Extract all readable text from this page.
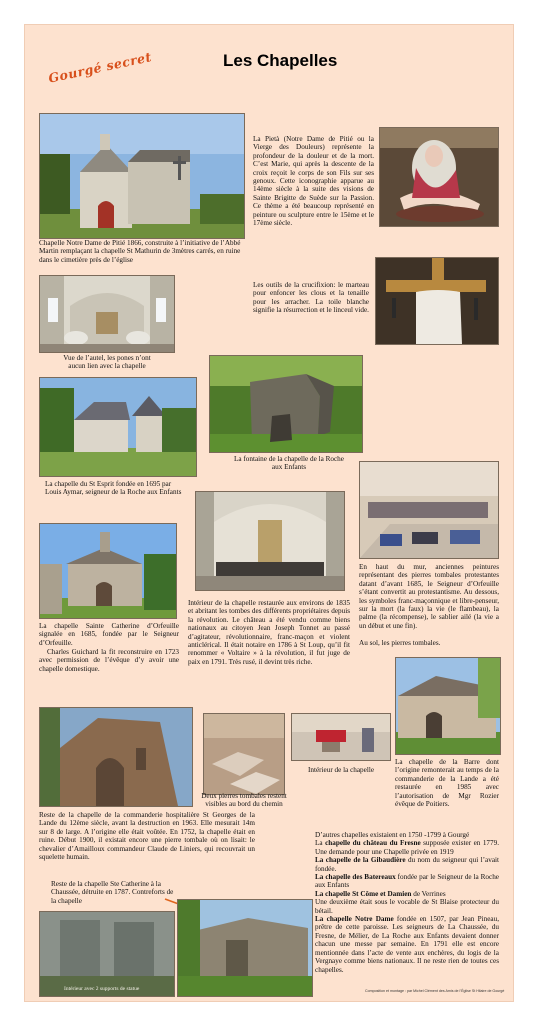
Gourgé secret	Les Chapelles
Chapelle Notre Dame de Pitié 1866, construite à l’initiative de l’Abbé Martin remplaçant la chapelle St Mathurin de 3mètres carrés, en ruine dans le cimetière près de l’église
La Pietà (Notre Dame de Pitié ou la Vierge des Douleurs) représente la profondeur de la douleur et de la mort. C’est Marie, qui après la descente de la croix reçoit le corps de son Fils sur ses genoux. Cette iconographie apparue au 14ème siècle à la suite des visions de Sainte Brigitte de Suède sur la Passion. Ce thème a été beaucoup représenté en peinture ou sculpture entre le 15ème et le 17ème siècle.
Vue de l’autel, les pones n’ont aucun lien avec la chapelle
Les outils de la crucifixion: le marteau pour enfoncer les clous et la tenaille pour les arracher. La toile blanche signifie la résurrection et le linceul vide.
La chapelle du St Esprit fondée en 1695 par Louis Aymar, seigneur de la Roche aux Enfants
La fontaine de la chapelle de la Roche aux Enfants
En haut du mur, anciennes peintures représentant des pierres tombales protestantes datant d’avant 1685, le Seigneur d’Orfeuille s’étant convertit au protestantisme. Au dessous, les symboles franc-maçonnique et libre-penseur, sur la mort (la faux) la vie (le flambeau), la palme (la récompense), le sablier ailé (la vie a un début et une fin).
Au sol, les pierres tombales.
Intérieur de la chapelle restaurée aux environs de 1835 et abritant les tombes des différents propriétaires depuis la révolution. Le château a été vendu comme biens nationaux au citoyen Jean Joseph Tonnet au passé d’agitateur, révolutionnaire, franc-maçon et violent anticlérical. Il était notaire en 1786 à St Loup, qu’il fit renommer « Voltaire » à la révolution, il fut juge de paix en 1791. Très rusé, il devint très riche.
La chapelle Sainte Catherine d’Orfeuille signalée en 1685, fondée par le Seigneur d’Orfeuille.
Charles Guichard la fit reconstruire en 1723 avec permission de l’évêque d’y avoir une chapelle domestique.
La chapelle de la Barre dont l’origine remonterait au temps de la commanderie de la Lande a été restaurée en 1985 avec l’autorisation de Mgr Rozier évêque de Poitiers.
Deux pierres tombales restent visibles au bord du chemin
Intérieur de la chapelle
Reste de la chapelle de la commanderie hospitalière St Georges de la Lande du 12ème siècle, avant la destruction en 1963. Elle mesurait 14m sur 8 de large. A l’origine elle était voûtée. En 1752, la chapelle était en ruine. Début 1900, il existait encore une pierre tombale où on lisait: le chevalier d’Amailloux commandeur Claude de Liniers, qui recouvrait un squelette humain.
D’autres chapelles existaient en 1750 -1799 à Gourgé
La chapelle du château du Fresne supposée exister en 1779. Une demande pour une Chapelle privée en 1919
La chapelle de la Gibaudière du nom du seigneur qui l’avait fondée.
La chapelle des Batereaux fondée par le Seigneur de la Roche aux Enfants
La chapelle St Côme et Damien de Verrines
Une deuxième était sous le vocable de St Blaise protecteur du bétail.
La chapelle Notre Dame fondée en 1507, par Jean Pineau, prêtre de cette paroisse. Les seigneurs de La Chaussée, du Fresne, de Mélier, de La Roche aux Enfants devaient donner chacun une messe par semaine. En 1791 elle est encore mentionnée dans l’acte de vente aux enchères, du logis de la Vergnaye comme biens nationaux. Il ne reste rien de toutes ces chapelles.
Reste de la chapelle Ste Catherine à la Chaussée, détruite en 1787. Contreforts de la chapelle
Intérieur avec 2 supports de statue	Composition et montage : par Michel Clément des Amis de l’Église St Hilaire de Gourgé
